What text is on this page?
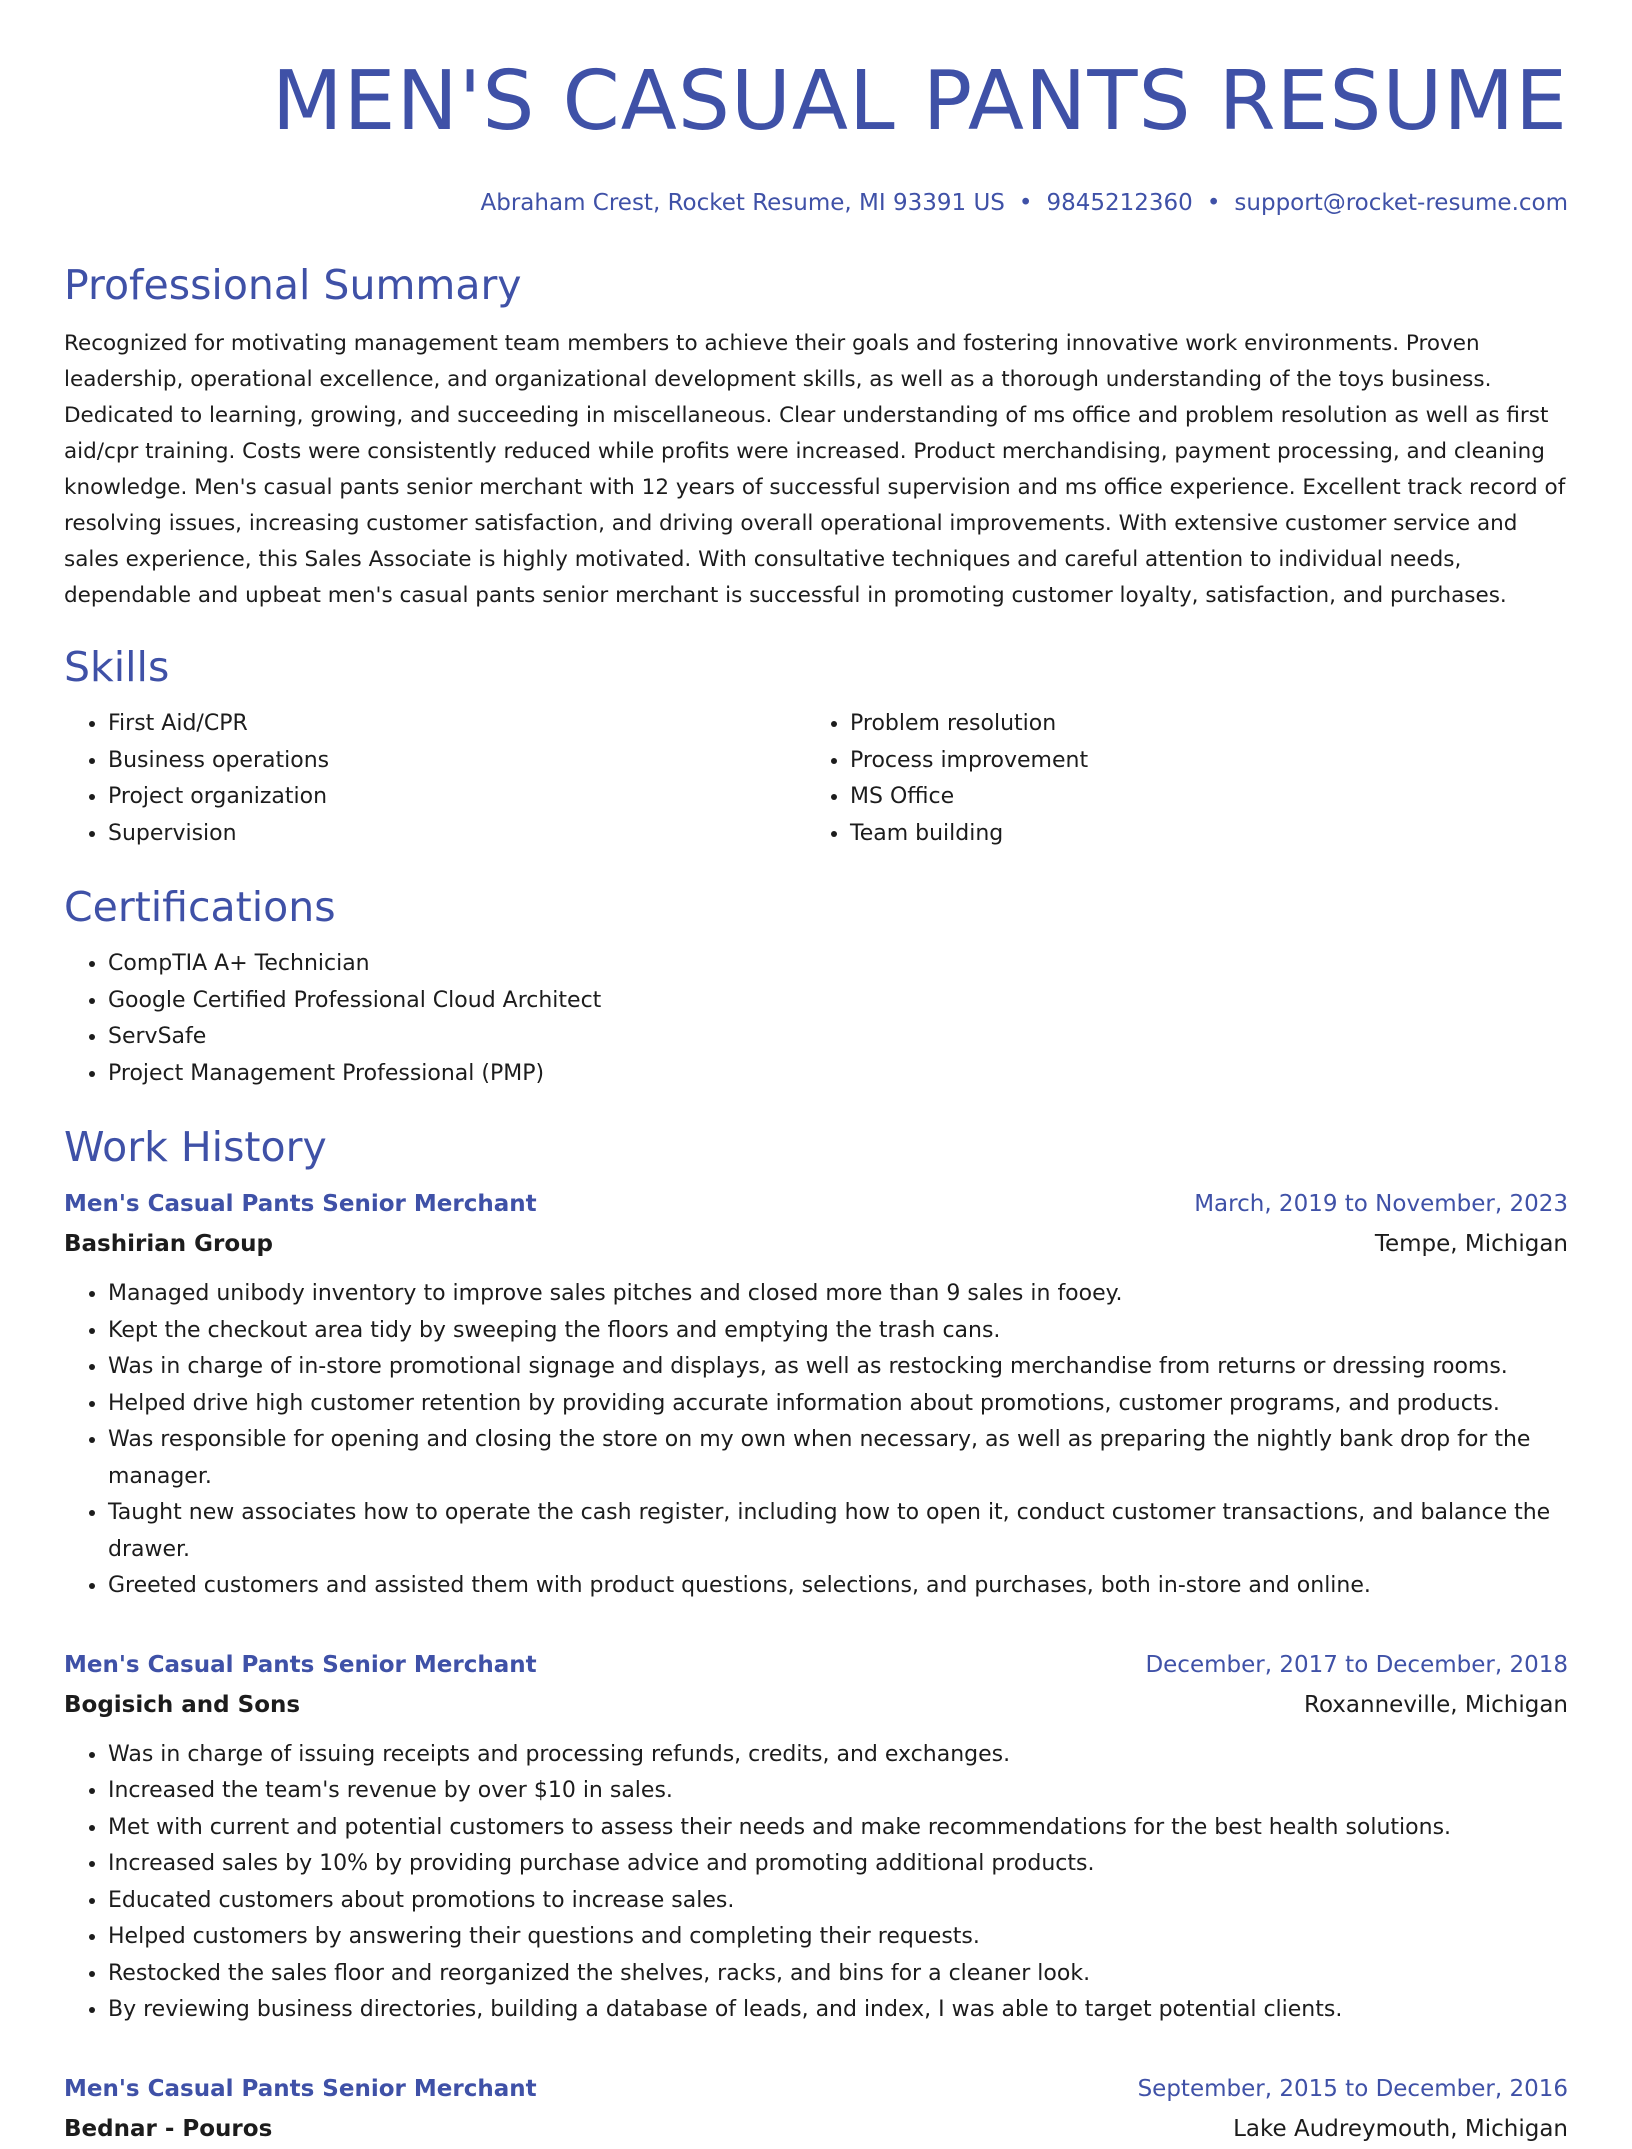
MEN'S CASUAL PANTS RESUME
Abraham Crest, Rocket Resume, MI 93391 US • 9845212360 • support@rocket-resume.com
Professional Summary
Recognized for motivating management team members to achieve their goals and fostering innovative work environments. Proven leadership, operational excellence, and organizational development skills, as well as a thorough understanding of the toys business. Dedicated to learning, growing, and succeeding in miscellaneous. Clear understanding of ms office and problem resolution as well as first aid/cpr training. Costs were consistently reduced while profits were increased. Product merchandising, payment processing, and cleaning knowledge. Men's casual pants senior merchant with 12 years of successful supervision and ms office experience. Excellent track record of resolving issues, increasing customer satisfaction, and driving overall operational improvements. With extensive customer service and sales experience, this Sales Associate is highly motivated. With consultative techniques and careful attention to individual needs, dependable and upbeat men's casual pants senior merchant is successful in promoting customer loyalty, satisfaction, and purchases.
Skills
• First Aid/CPR
• Business operations
• Project organization
• Supervision
• Problem resolution
• Process improvement
• MS Office
• Team building
Certifications
• CompTIA A+ Technician
• Google Certified Professional Cloud Architect
• ServSafe
• Project Management Professional (PMP)
Work History
Men's Casual Pants Senior Merchant	March, 2019 to November, 2023
Bashirian Group	Tempe, Michigan
• Managed unibody inventory to improve sales pitches and closed more than 9 sales in fooey.
• Kept the checkout area tidy by sweeping the floors and emptying the trash cans.
• Was in charge of in-store promotional signage and displays, as well as restocking merchandise from returns or dressing rooms.
• Helped drive high customer retention by providing accurate information about promotions, customer programs, and products.
• Was responsible for opening and closing the store on my own when necessary, as well as preparing the nightly bank drop for the manager.
• Taught new associates how to operate the cash register, including how to open it, conduct customer transactions, and balance the drawer.
• Greeted customers and assisted them with product questions, selections, and purchases, both in-store and online.
Men's Casual Pants Senior Merchant	December, 2017 to December, 2018
Bogisich and Sons	Roxanneville, Michigan
• Was in charge of issuing receipts and processing refunds, credits, and exchanges.
• Increased the team's revenue by over $10 in sales.
• Met with current and potential customers to assess their needs and make recommendations for the best health solutions.
• Increased sales by 10% by providing purchase advice and promoting additional products.
• Educated customers about promotions to increase sales.
• Helped customers by answering their questions and completing their requests.
• Restocked the sales floor and reorganized the shelves, racks, and bins for a cleaner look.
• By reviewing business directories, building a database of leads, and index, I was able to target potential clients.
Men's Casual Pants Senior Merchant	September, 2015 to December, 2016
Bednar - Pouros	Lake Audreymouth, Michigan
